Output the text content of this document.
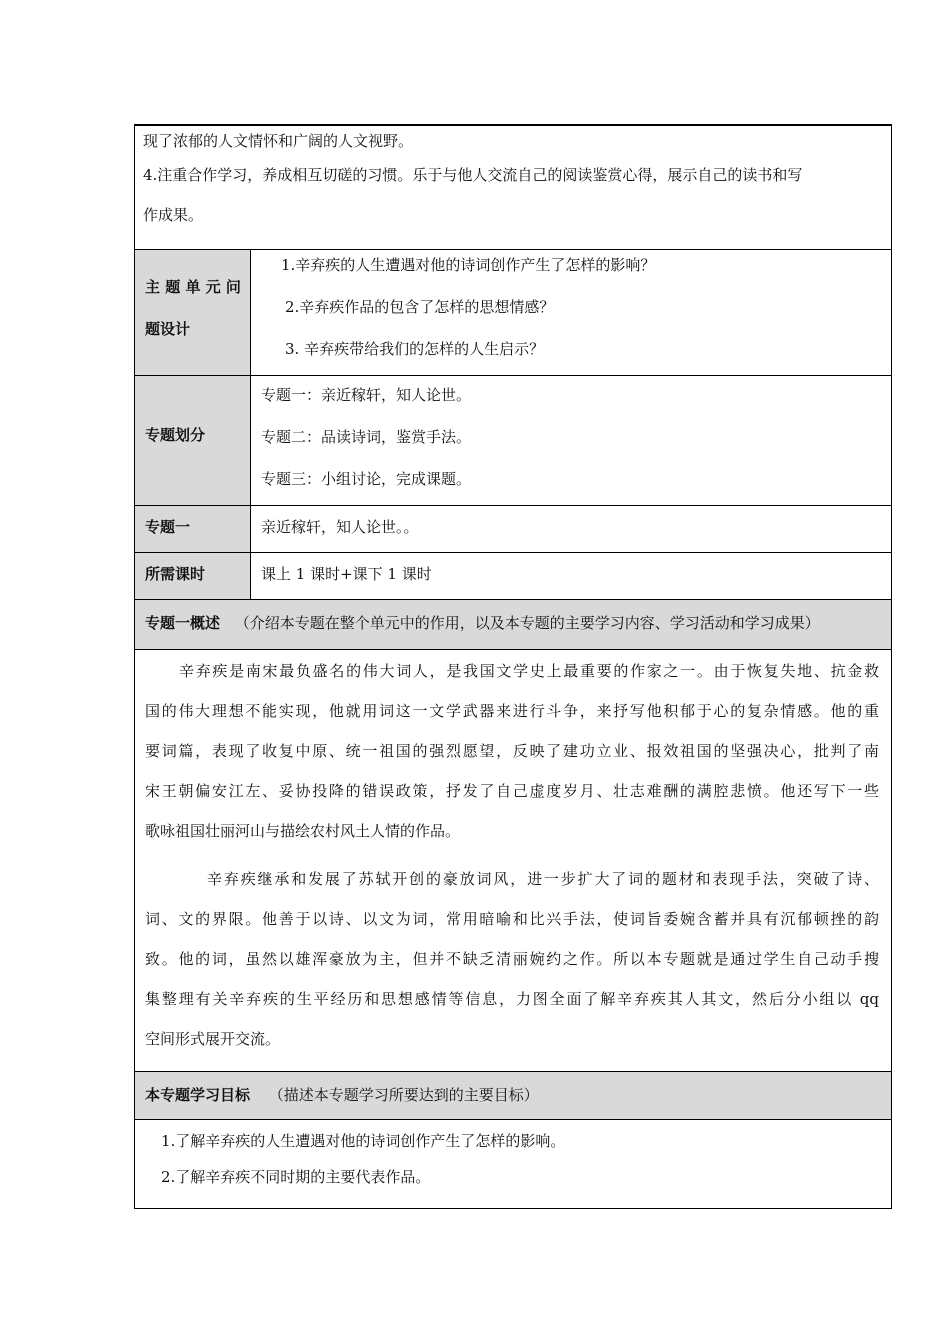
现了浓郁的人文情怀和广阔的人文视野。
4.注重合作学习，养成相互切磋的习惯。乐于与他人交流自己的阅读鉴赏心得，展示自己的读书和写
作成果。
主 题 单 元 问
题设计
1.辛弃疾的人生遭遇对他的诗词创作产生了怎样的影响？
2.辛弃疾作品的包含了怎样的思想情感？
3. 辛弃疾带给我们的怎样的人生启示？
专题划分
专题一：亲近稼轩，知人论世。
专题二：品读诗词，鉴赏手法。
专题三：小组讨论，完成课题。
专题一	亲近稼轩，知人论世。。
所需课时	课上 1 课时+课下 1 课时
专题一概述 （介绍本专题在整个单元中的作用，以及本专题的主要学习内容、学习活动和学习成果）
辛弃疾是南宋最负盛名的伟大词人，是我国文学史上最重要的作家之一。由于恢复失地、抗金救
国的伟大理想不能实现，他就用词这一文学武器来进行斗争，来抒写他积郁于心的复杂情感。他的重
要词篇，表现了收复中原、统一祖国的强烈愿望，反映了建功立业、报效祖国的坚强决心，批判了南
宋王朝偏安江左、妥协投降的错误政策，抒发了自己虚度岁月、壮志难酬的满腔悲愤。他还写下一些
歌咏祖国壮丽河山与描绘农村风土人情的作品。
辛弃疾继承和发展了苏轼开创的豪放词风，进一步扩大了词的题材和表现手法，突破了诗、
词、文的界限。他善于以诗、以文为词，常用暗喻和比兴手法，使词旨委婉含蓄并具有沉郁顿挫的韵
致。他的词，虽然以雄浑豪放为主，但并不缺乏清丽婉约之作。所以本专题就是通过学生自己动手搜
集整理有关辛弃疾的生平经历和思想感情等信息，力图全面了解辛弃疾其人其文，然后分小组以 qq
空间形式展开交流。
本专题学习目标 （描述本专题学习所要达到的主要目标）
1.了解辛弃疾的人生遭遇对他的诗词创作产生了怎样的影响。
2.了解辛弃疾不同时期的主要代表作品。
